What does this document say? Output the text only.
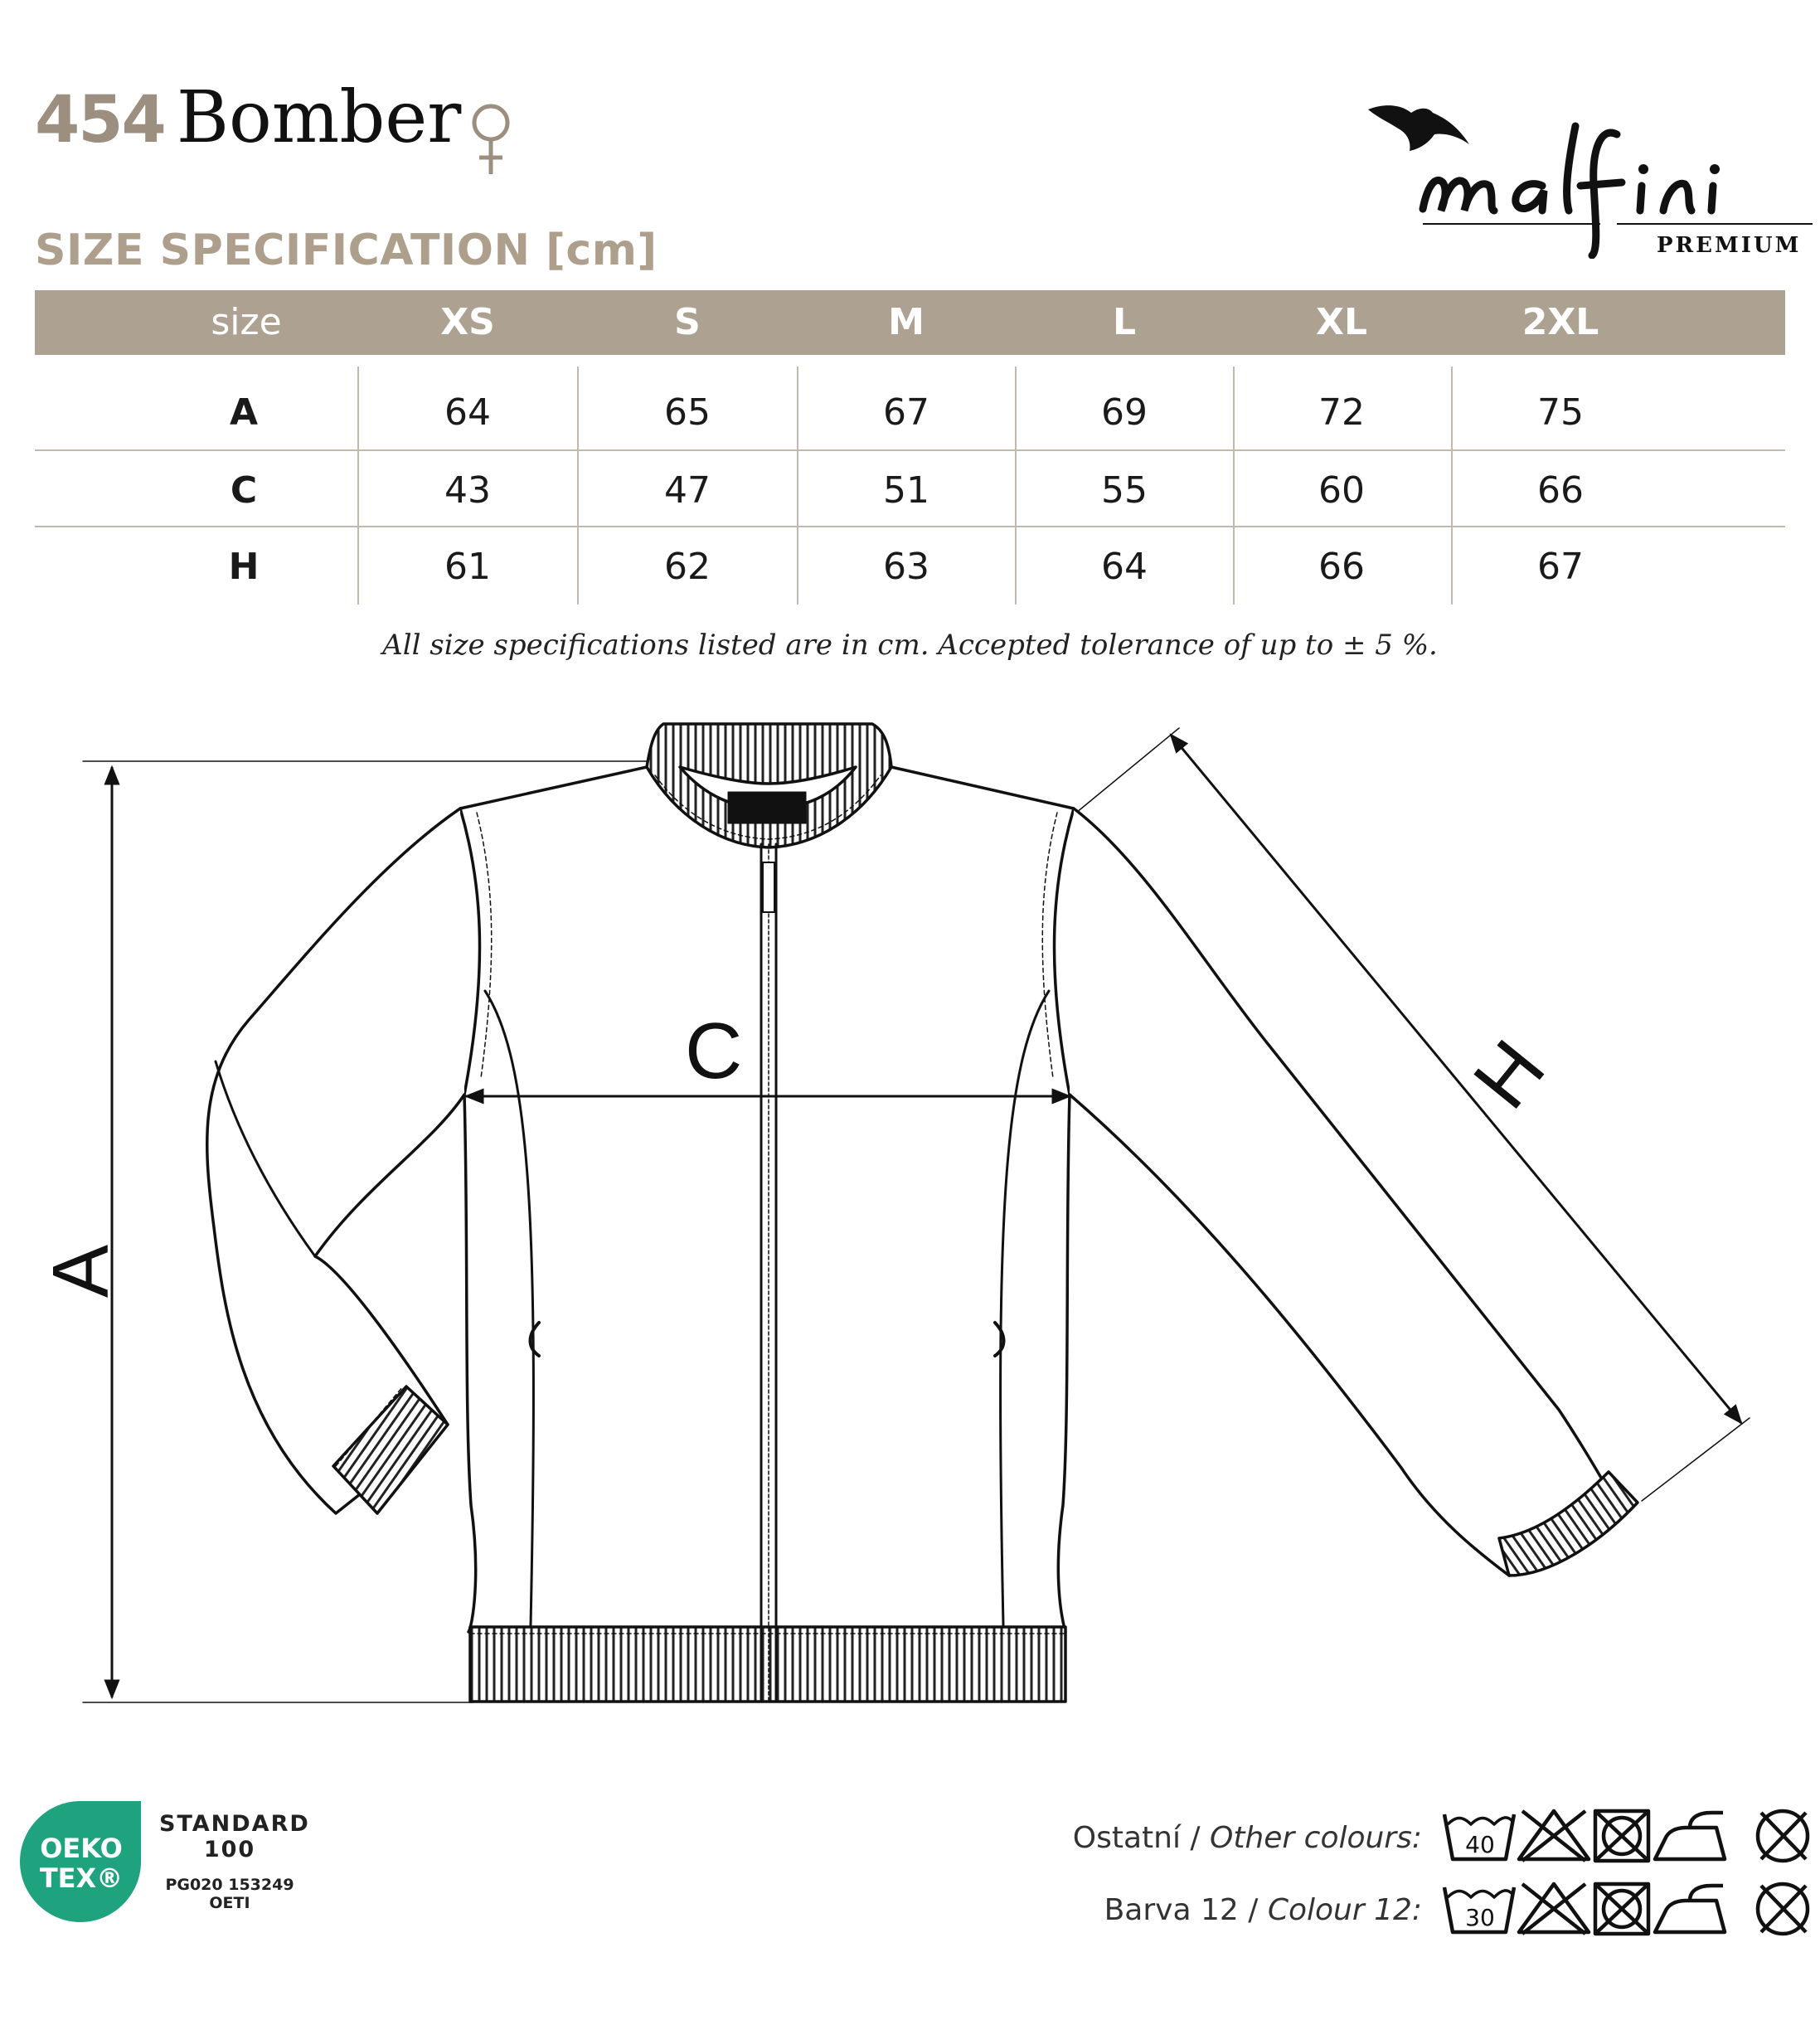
454 Bomber
SIZE SPECIFICATION [cm]	PREMIUM
size	XS	S	M	L	XL	2XL
A	64	65	67	69	72	75
C	43	47	51	55	60	66
H	61	62	63	64	66	67
All size specifications listed are in cm. Accepted tolerance of up to ± 5 %.
A
C	H
OEKO
TEX®
STANDARD
100
PG020 153249
OETI
Ostatní / Other colours:
Barva 12 / Colour 12:
40
30
